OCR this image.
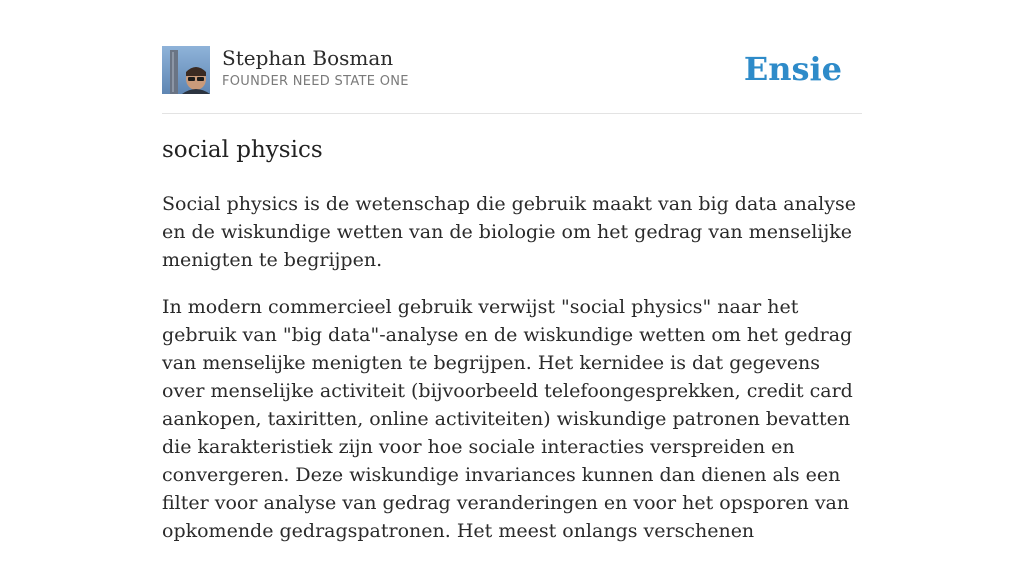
Stephan Bosman
FOUNDER NEED STATE ONE	Ensie
social physics

Social physics is de wetenschap die gebruik maakt van big data analyse en de wiskundige wetten van de biologie om het gedrag van menselijke menigten te begrijpen.

In modern commercieel gebruik verwijst "social physics" naar het gebruik van "big data"-analyse en de wiskundige wetten om het gedrag van menselijke menigten te begrijpen. Het kernidee is dat gegevens over menselijke activiteit (bijvoorbeeld telefoongesprekken, credit card aankopen, taxiritten, online activiteiten) wiskundige patronen bevatten die karakteristiek zijn voor hoe sociale interacties verspreiden en convergeren. Deze wiskundige invariances kunnen dan dienen als een filter voor analyse van gedrag veranderingen en voor het opsporen van opkomende gedragspatronen. Het meest onlangs verschenen
